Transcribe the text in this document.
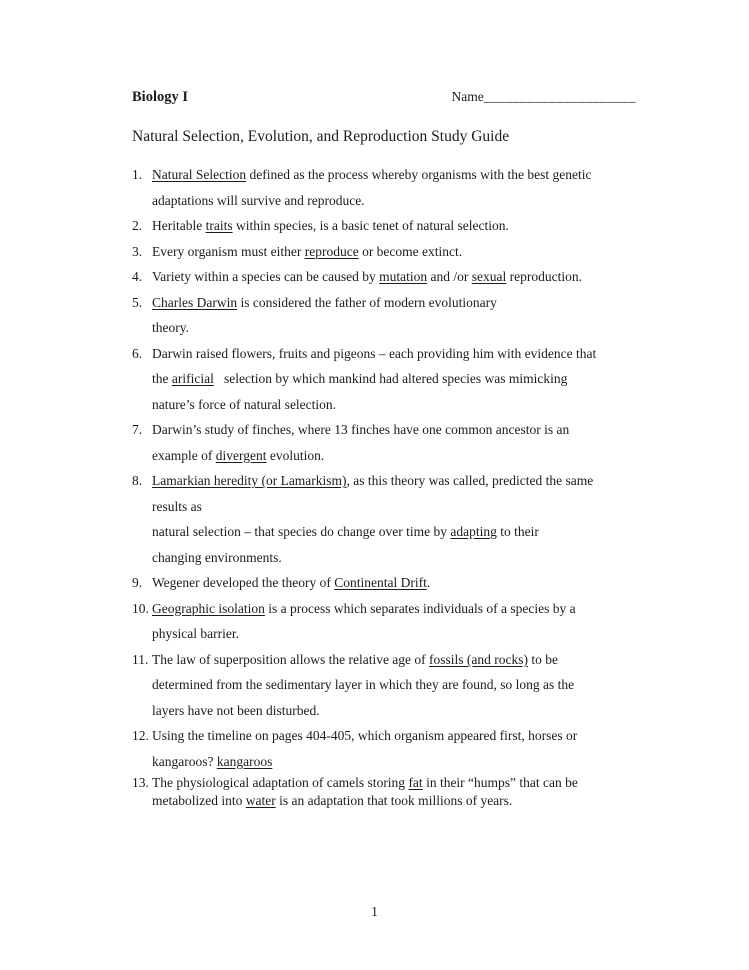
Biology I	Name_____________________
Natural Selection, Evolution, and Reproduction Study Guide
1. Natural Selection defined as the process whereby organisms with the best genetic
adaptations will survive and reproduce.
2. Heritable traits within species, is a basic tenet of natural selection.
3. Every organism must either reproduce or become extinct.
4. Variety within a species can be caused by mutation and /or sexual reproduction.
5. Charles Darwin is considered the father of modern evolutionary
theory.
6. Darwin raised flowers, fruits and pigeons – each providing him with evidence that
the arificial   selection by which mankind had altered species was mimicking
nature’s force of natural selection.
7. Darwin’s study of finches, where 13 finches have one common ancestor is an
example of divergent evolution.
8. Lamarkian heredity (or Lamarkism), as this theory was called, predicted the same
results as
natural selection – that species do change over time by adapting to their
changing environments.
9. Wegener developed the theory of Continental Drift.
10. Geographic isolation is a process which separates individuals of a species by a
physical barrier.
11. The law of superposition allows the relative age of fossils (and rocks) to be
determined from the sedimentary layer in which they are found, so long as the
layers have not been disturbed.
12. Using the timeline on pages 404-405, which organism appeared first, horses or
kangaroos? kangaroos
13. The physiological adaptation of camels storing fat in their “humps” that can be
metabolized into water is an adaptation that took millions of years.
1
